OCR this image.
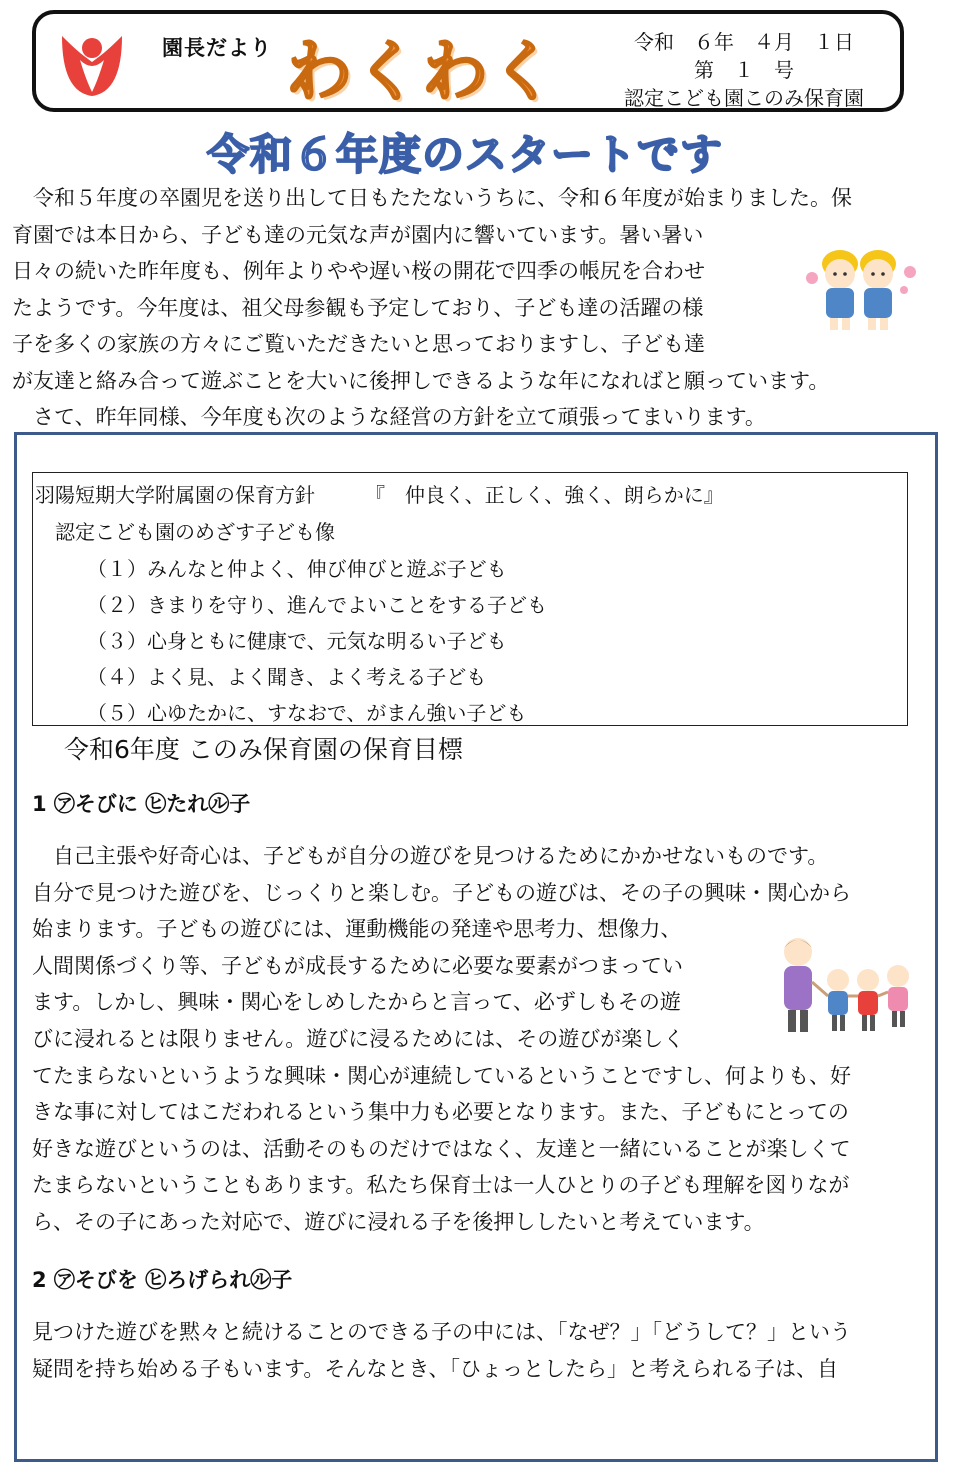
園長だより わくわく	令和　６年　４月　１日
第　１　号
認定こども園このみ保育園
令和６年度のスタートです

　令和５年度の卒園児を送り出して日もたたないうちに、令和６年度が始まりました。保

育園では本日から、子ども達の元気な声が園内に響いています。暑い暑い

日々の続いた昨年度も、例年よりやや遅い桜の開花で四季の帳尻を合わせ

たようです。今年度は、祖父母参観も予定しており、子ども達の活躍の様

子を多くの家族の方々にご覧いただきたいと思っておりますし、子ども達

が友達と絡み合って遊ぶことを大いに後押しできるような年になればと願っています。

　さて、昨年同様、今年度も次のような経営の方針を立て頑張ってまいります。

羽陽短期大学附属園の保育方針　　　『　仲良く、正しく、強く、朗らかに』
認定こども園のめざす子ども像
（１）みんなと仲よく、伸び伸びと遊ぶ子ども
（２）きまりを守り、進んでよいことをする子ども
（３）心身ともに健康で、元気な明るい子ども
（４）よく見、よく聞き、よく考える子ども
（５）心ゆたかに、すなおで、がまん強い子ども
令和6年度 このみ保育園の保育目標
1 ㋐そびに ㋪たれ㋸子

　自己主張や好奇心は、子どもが自分の遊びを見つけるためにかかせないものです。

自分で見つけた遊びを、じっくりと楽しむ。子どもの遊びは、その子の興味・関心から

始まります。子どもの遊びには、運動機能の発達や思考力、想像力、

人間関係づくり等、子どもが成長するために必要な要素がつまってい

ます。しかし、興味・関心をしめしたからと言って、必ずしもその遊

びに浸れるとは限りません。遊びに浸るためには、その遊びが楽しく

てたまらないというような興味・関心が連続しているということですし、何よりも、好

きな事に対してはこだわれるという集中力も必要となります。また、子どもにとっての

好きな遊びというのは、活動そのものだけではなく、友達と一緒にいることが楽しくて

たまらないということもあります。私たち保育士は一人ひとりの子ども理解を図りなが

ら、その子にあった対応で、遊びに浸れる子を後押ししたいと考えています。

2 ㋐そびを ㋪ろげられ㋸子

見つけた遊びを黙々と続けることのできる子の中には、「なぜ？」「どうして？」という

疑問を持ち始める子もいます。そんなとき、「ひょっとしたら」と考えられる子は、自
